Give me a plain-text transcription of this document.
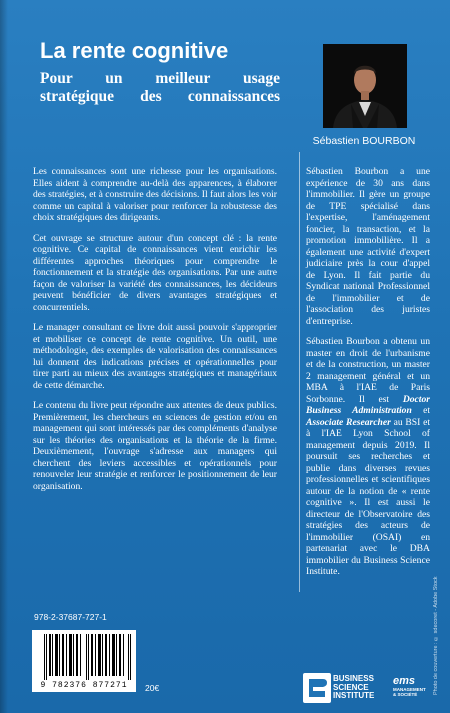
La rente cognitive
Pour un meilleur usage
stratégique des connaissances
Sébastien BOURBON

Les connaissances sont une richesse pour les organisations. Elles aident à comprendre au-delà des apparences, à élaborer des stratégies, et à construire des décisions. Il faut alors les voir comme un capital à valoriser pour renforcer la robustesse des choix stratégiques des dirigeants.

Cet ouvrage se structure autour d'un concept clé : la rente cognitive. Ce capital de connaissances vient enrichir les différentes approches théoriques pour comprendre le fonctionnement et la stratégie des organisations. Par une autre façon de valoriser la variété des connaissances, les décideurs peuvent bénéficier de divers avantages stratégiques et concurrentiels.

Le manager consultant ce livre doit aussi pouvoir s'approprier et mobiliser ce concept de rente cognitive. Un outil, une méthodologie, des exemples de valorisation des connaissances lui donnent des indications précises et opérationnelles pour tirer parti au mieux des avantages stratégiques et managériaux de cette démarche.

Le contenu du livre peut répondre aux attentes de deux publics. Premièrement, les chercheurs en sciences de gestion et/ou en management qui sont intéressés par des compléments d'analyse sur les théories des organisations et la théorie de la firme. Deuxièmement, l'ouvrage s'adresse aux managers qui cherchent des leviers accessibles et opérationnels pour renouveler leur stratégie et renforcer le positionnement de leur organisation.

Sébastien Bourbon a une expérience de 30 ans dans l'immobilier. Il gère un groupe de TPE spécialisé dans l'expertise, l'aménagement foncier, la transaction, et la promotion immobilière. Il a également une activité d'expert judiciaire près la cour d'appel de Lyon. Il fait partie du Syndicat national Professionnel de l'immobilier et de l'association des juristes d'entreprise.

Sébastien Bourbon a obtenu un master en droit de l'urbanisme et de la construction, un master 2 management général et un MBA à l'IAE de Paris Sorbonne. Il est Doctor Business Administration et Associate Researcher au BSI et à l'IAE Lyon School of management depuis 2019. Il poursuit ses recherches et publie dans diverses revues professionnelles et scientifiques autour de la notion de « rente cognitive ». Il est aussi le directeur de l'Observatoire des stratégies des acteurs de l'immobilier (OSAI) en partenariat avec le DBA immobilier du Business Science Institute.

Photo de couverture : © sdecoret - Adobe Stock
978-2-37687-727-1
9 782376 877271	20€
BUSINESS
SCIENCE
INSTITUTE
ems
MANAGEMENT
& SOCIÉTÉ
